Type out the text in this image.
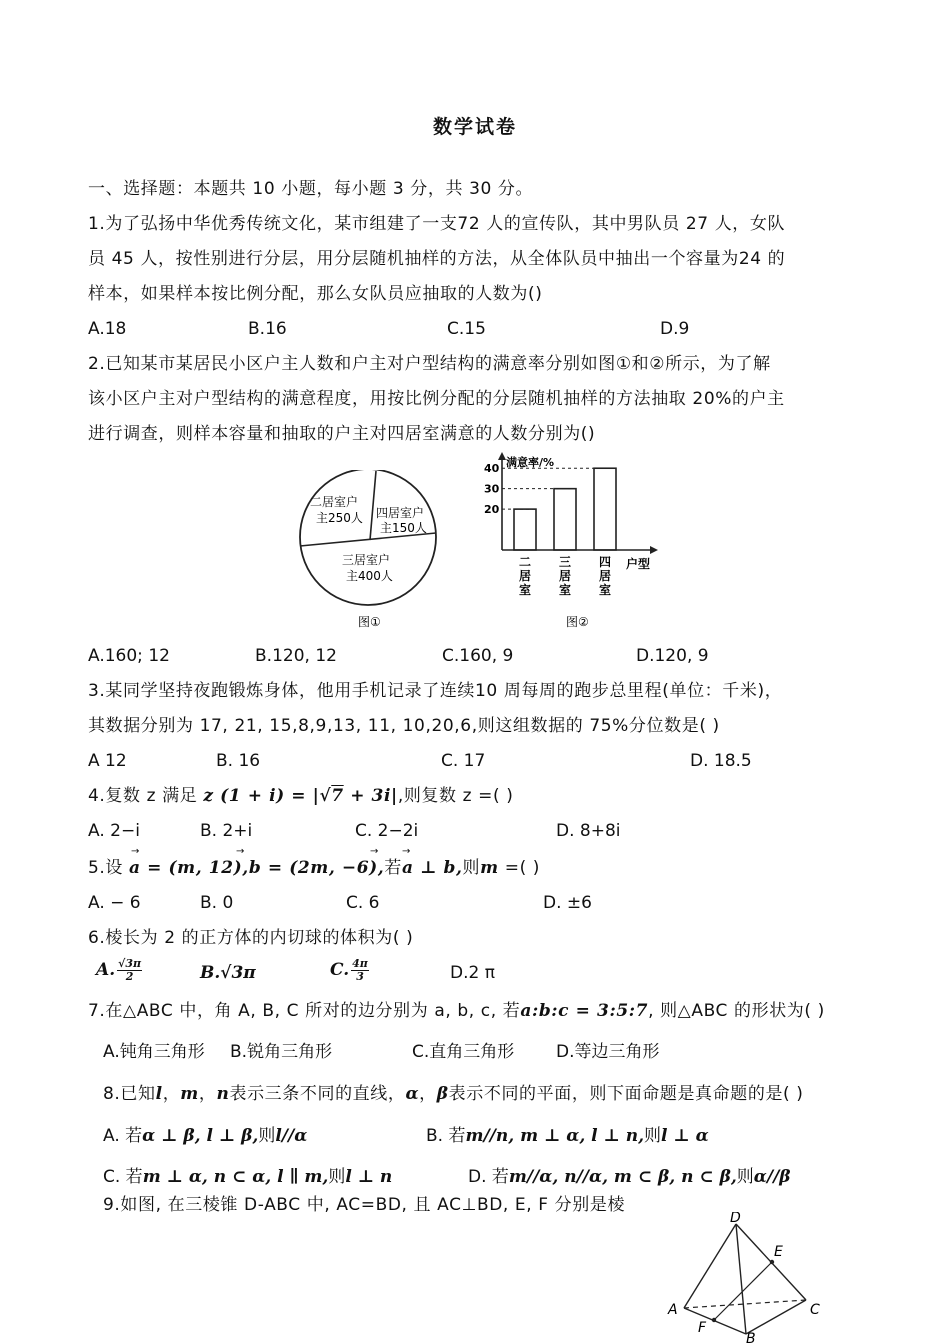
数学试卷
一、选择题：本题共 10 小题，每小题 3 分，共 30 分。
1.为了弘扬中华优秀传统文化，某市组建了一支72 人的宣传队，其中男队员 27 人，女队
员 45 人，按性别进行分层，用分层随机抽样的方法，从全体队员中抽出一个容量为24 的
样本，如果样本按比例分配，那么女队员应抽取的人数为()
A.18	B.16	C.15	D.9
2.已知某市某居民小区户主人数和户主对户型结构的满意率分别如图①和②所示，为了解
该小区户主对户型结构的满意程度，用按比例分配的分层随机抽样的方法抽取 20%的户主
进行调查，则样本容量和抽取的户主对四居室满意的人数分别为()
二居室户
主250人 四居室户
主150人
三居室户
主400人
图①
满意率/%
户型
20
二居室
30
三居室
40
四居室
图②
A.160; 12	B.120, 12	C.160, 9	D.120, 9
3.某同学坚持夜跑锻炼身体，他用手机记录了连续10 周每周的跑步总里程(单位：千米)，
其数据分别为 17, 21, 15,8,9,13, 11, 10,20,6,则这组数据的 75%分位数是( )
A 12	B. 16	C. 17	D. 18.5
4.复数 z 满足 z (1 + i) = |√7 + 3i|,则复数 z =( )
A. 2−i	B. 2+i	C. 2−2i	D. 8+8i
5.设 a = (m, 12),b = (2m, −6),若a ⊥ b,则m =( )
→	→	→ →
A. − 6	B. 0	C. 6	D. ±6
6.棱长为 2 的正方体的内切球的体积为( )
A. $\frac{√3\pi}{2}$	B.√3π	C. $\frac{4\pi}{3}$	D.2 π
7.在△ABC 中，角 A, B, C 所对的边分别为 a, b, c, 若a:b:c = 3:5:7, 则△ABC 的形状为( )
A.钝角三角形 B.锐角三角形	C.直角三角形 D.等边三角形
8.已知l，m，n表示三条不同的直线，α，β表示不同的平面，则下面命题是真命题的是( )
A. 若α ⊥ β, l ⊥ β,则l//α	B. 若m//n, m ⊥ α, l ⊥ n,则l ⊥ α
C. 若m ⊥ α, n ⊂ α, l ∥ m,则l ⊥ n	D. 若m//α, n//α, m ⊂ β, n ⊂ β,则α//β
9.如图, 在三棱锥 D-ABC 中, AC=BD, 且 AC⊥BD, E, F 分别是棱
D
E
A	C
F
B
